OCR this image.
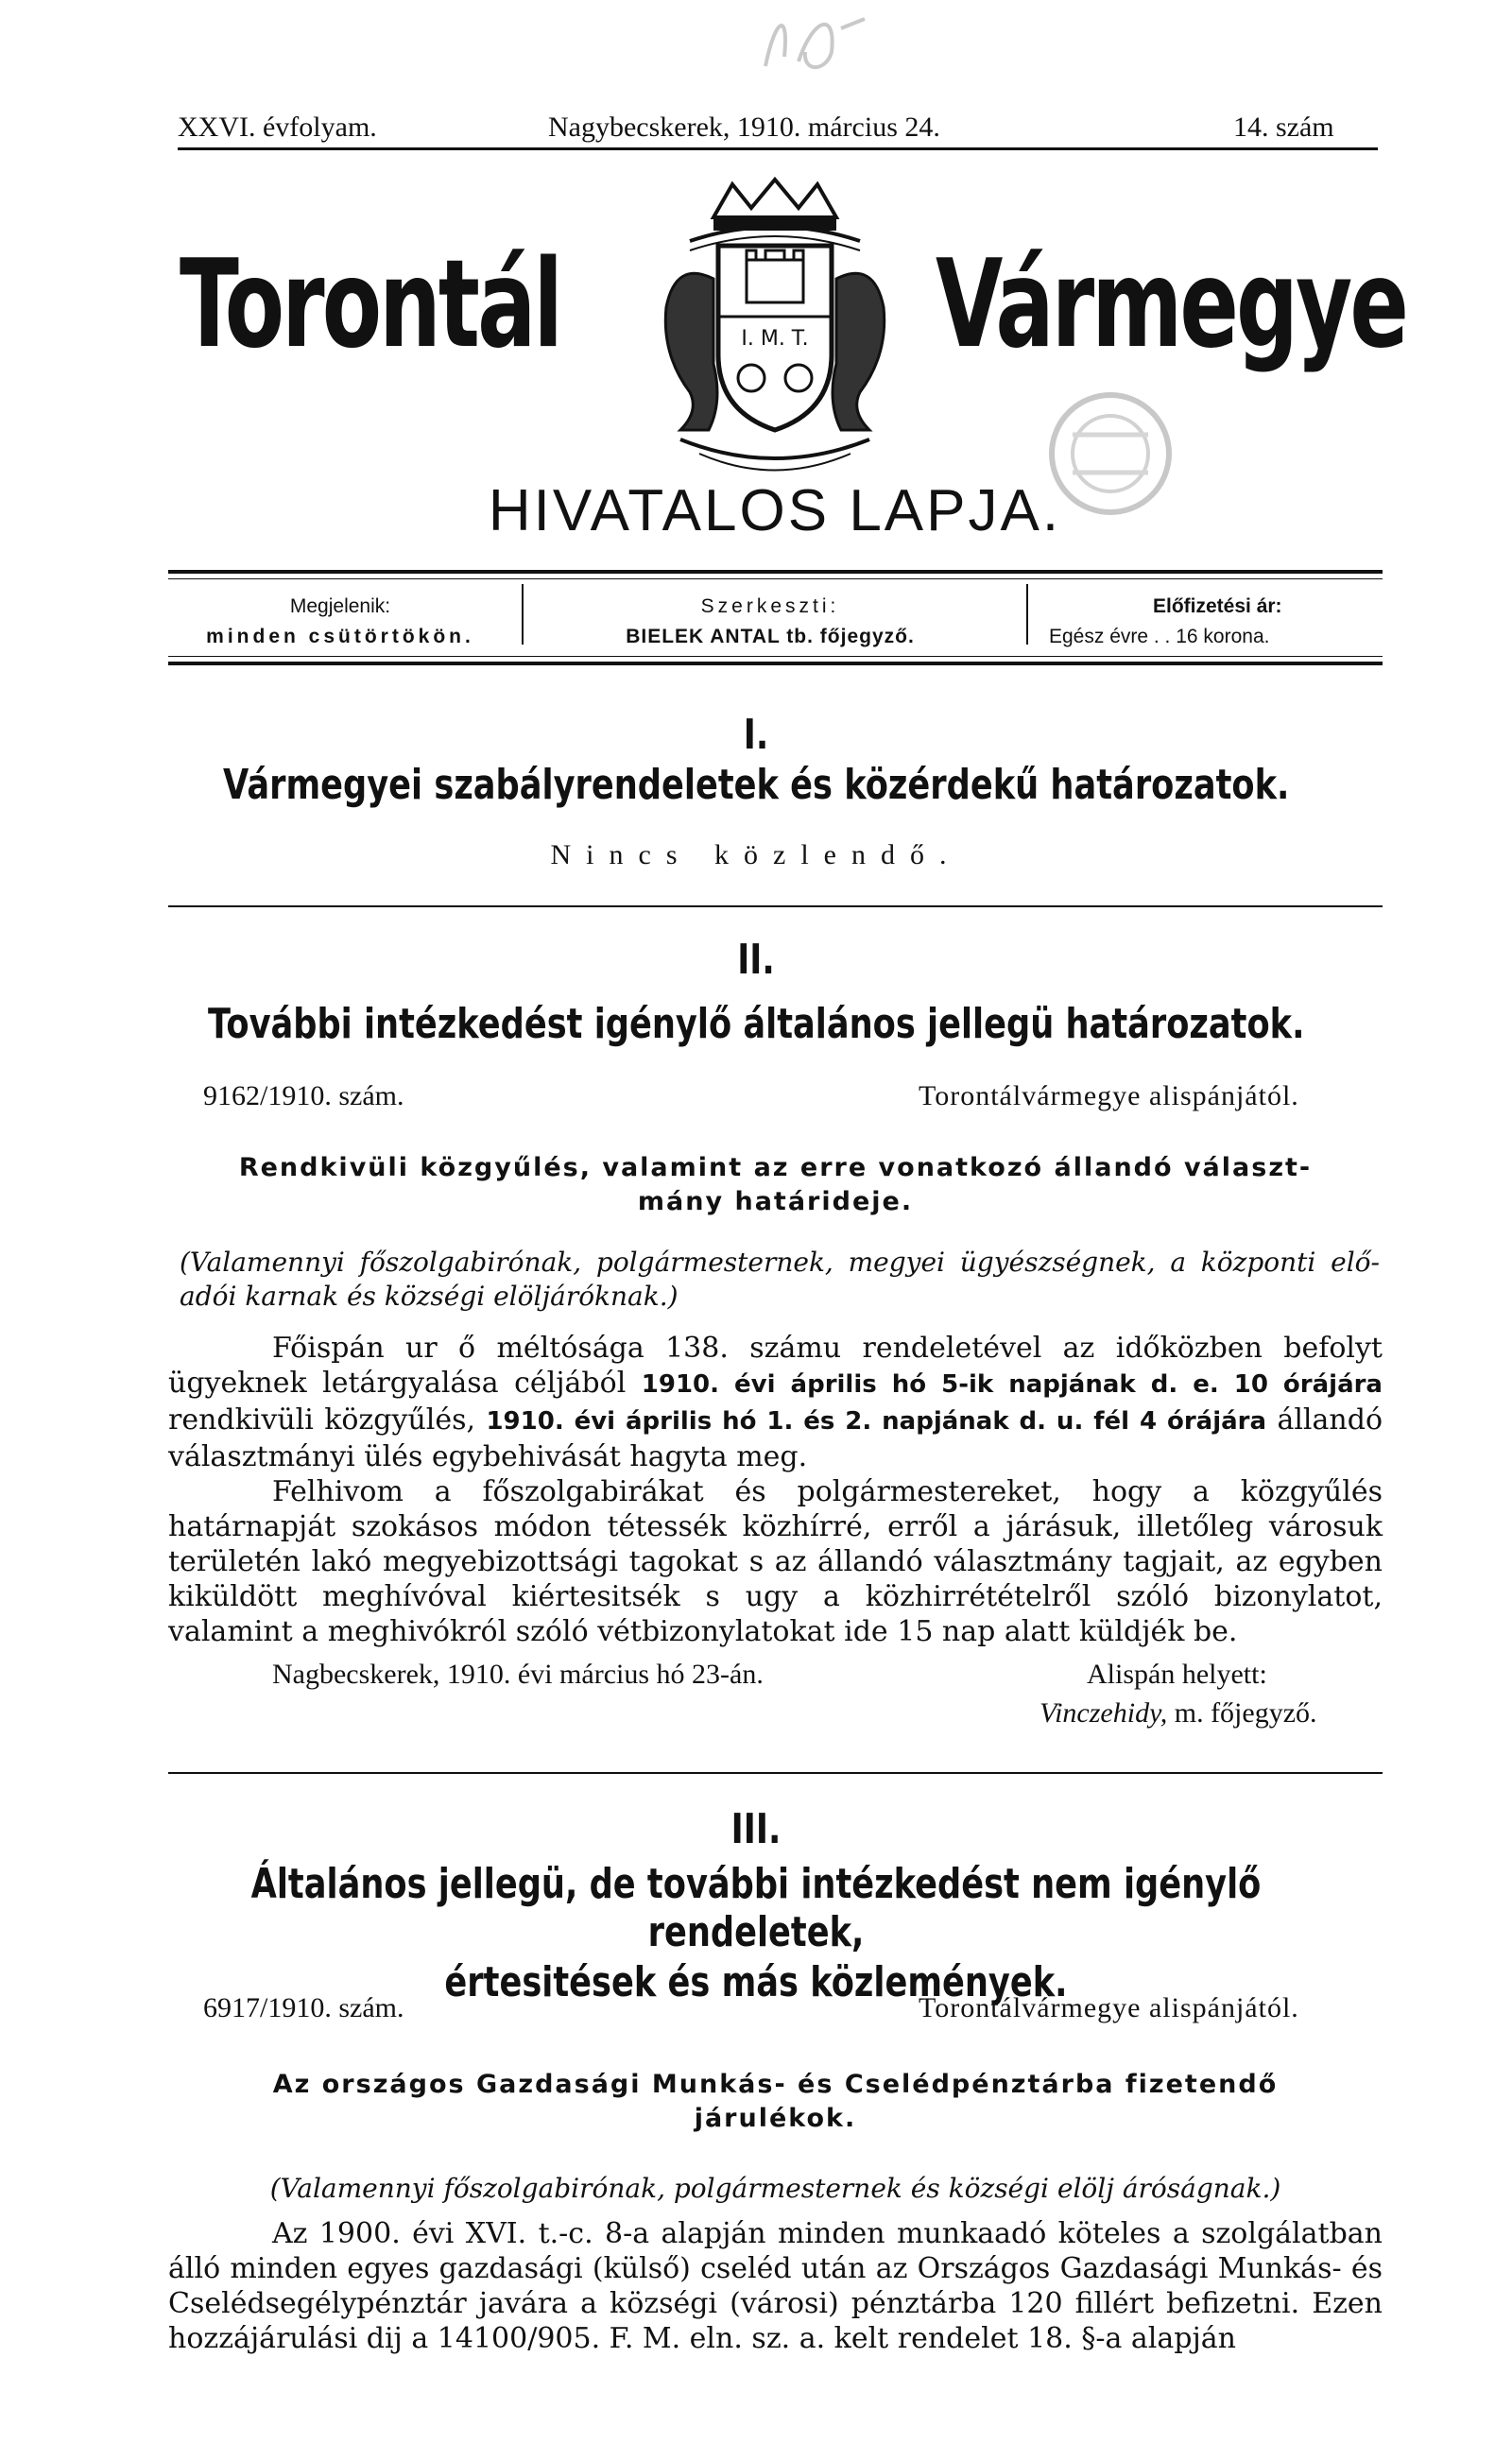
XXVI. évfolyam.	Nagybecskerek, 1910. március 24.	14. szám
Torontál	Vármegye
I. M. T.
HIVATALOS LAPJA.
Megjelenik:
minden csütörtökön.
Szerkeszti:
BIELEK ANTAL tb. főjegyző.
Előfizetési ár:
Egész évre . . 16 korona.
I.
Vármegyei szabályrendeletek és közérdekű határozatok.
Nincs közlendő.
II.
További intézkedést igénylő általános jellegü határozatok.
9162/1910. szám.	Torontálvármegye alispánjától.
Rendkivüli közgyűlés, valamint az erre vonatkozó állandó választ-
mány határideje.
(Valamennyi főszolgabirónak, polgármesternek, megyei ügyészségnek, a központi elő-adói karnak és községi elöljáróknak.)

Főispán ur ő méltósága 138. számu rendeletével az időközben befolyt ügyeknek letárgyalása céljából 1910. évi április hó 5-ik napjának d. e. 10 órájára rendkivüli közgyűlés, 1910. évi április hó 1. és 2. napjának d. u. fél 4 órájára állandó választmányi ülés egybehivását hagyta meg.

Felhivom a főszolgabirákat és polgármestereket, hogy a közgyűlés határnapját szokásos módon tétessék közhírré, erről a járásuk, illetőleg városuk területén lakó megyebizottsági tagokat s az állandó választmány tagjait, az egyben kiküldött meghívóval kiértesitsék s ugy a közhirrétételről szóló bizonylatot, valamint a meghivókról szóló vétbizonylatokat ide 15 nap alatt küldjék be.

Nagbecskerek, 1910. évi március hó 23-án.	Alispán helyett:
Vinczehidy, m. főjegyző.
III.
Általános jellegü, de további intézkedést nem igénylő rendeletek,
értesitések és más közlemények.
6917/1910. szám.	Torontálvármegye alispánjától.
Az országos Gazdasági Munkás- és Cselédpénztárba fizetendő
járulékok.
(Valamennyi főszolgabirónak, polgármesternek és községi elölj áróságnak.)

Az 1900. évi XVI. t.-c. 8-a alapján minden munkaadó köteles a szolgálatban álló minden egyes gazdasági (külső) cseléd után az Országos Gazdasági Munkás- és Cselédsegélypénztár javára a községi (városi) pénztárba 120 fillért befizetni. Ezen hozzájárulási dij a 14100/905. F. M. eln. sz. a. kelt rendelet 18. §-a alapján
